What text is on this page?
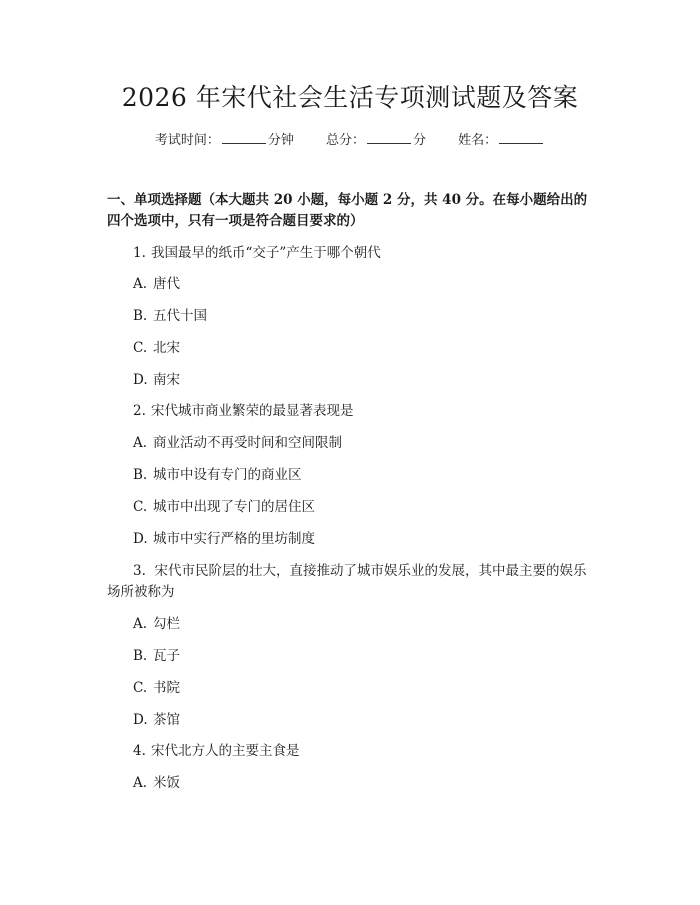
2026 年宋代社会生活专项测试题及答案
考试时间：	分钟 总分：	分 姓名：
一、单项选择题（本大题共 20 小题，每小题 2 分，共 40 分。在每小题给出的四个选项中，只有一项是符合题目要求的）
1. 我国最早的纸币“交子”产生于哪个朝代
A. 唐代
B. 五代十国
C. 北宋
D. 南宋
2. 宋代城市商业繁荣的最显著表现是
A. 商业活动不再受时间和空间限制
B. 城市中设有专门的商业区
C. 城市中出现了专门的居住区
D. 城市中实行严格的里坊制度
3. 宋代市民阶层的壮大，直接推动了城市娱乐业的发展，其中最主要的娱乐场所被称为
A. 勾栏
B. 瓦子
C. 书院
D. 茶馆
4. 宋代北方人的主要主食是
A. 米饭
